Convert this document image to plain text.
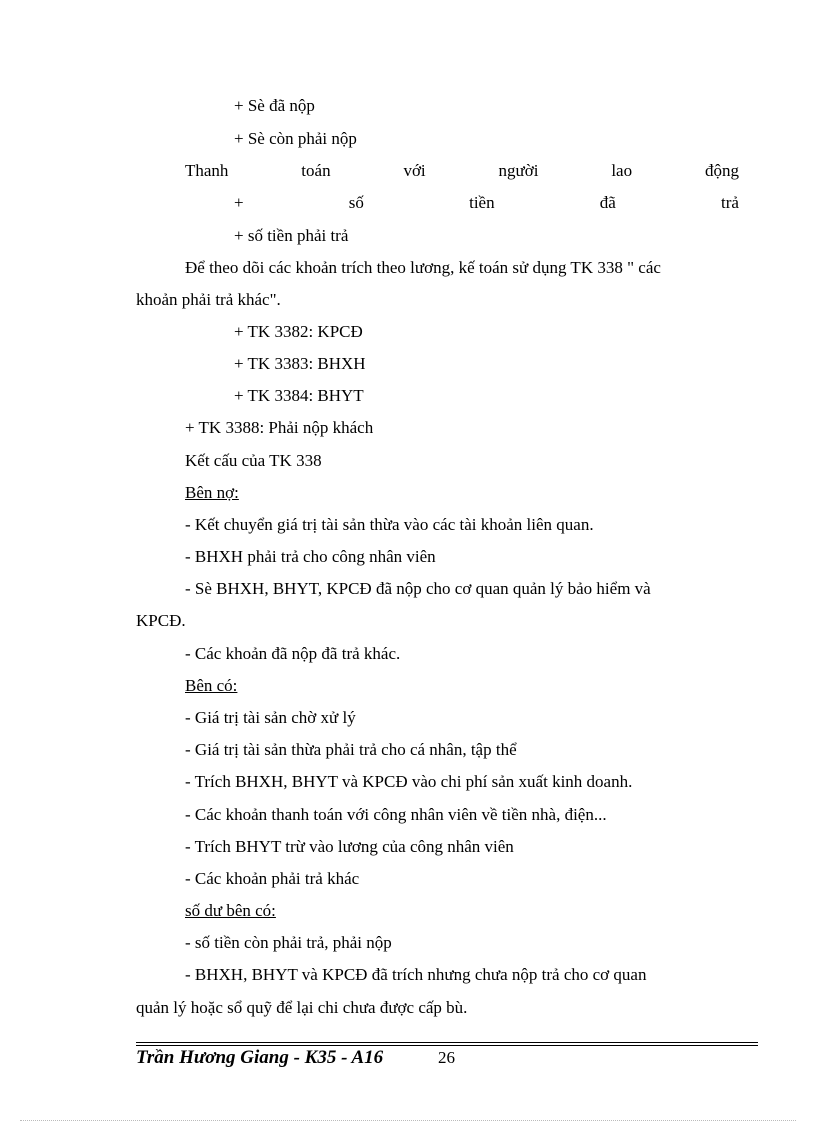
+ Sè đã nộp
+ Sè còn phải nộp
Thanh	toán	với	người	lao	động
+	số	tiền	đã	trả
+ số tiền phải trả
Để theo dõi các khoản trích theo lương, kế toán sử dụng TK 338 " các
khoản phải trả khác".
+ TK 3382: KPCĐ
+ TK 3383: BHXH
+ TK 3384: BHYT
+ TK 3388: Phải nộp khách
Kết cấu của TK 338
Bên nợ:
- Kết chuyển giá trị tài sản thừa vào các tài khoản liên quan.
- BHXH phải trả cho công nhân viên
- Sè BHXH, BHYT, KPCĐ đã nộp cho cơ quan quản lý bảo hiểm và
KPCĐ.
- Các khoản đã nộp đã trả khác.
Bên có:
- Giá trị tài sản chờ xử lý
- Giá trị tài sản thừa phải trả cho cá nhân, tập thể
- Trích BHXH, BHYT và KPCĐ vào chi phí sản xuất kinh doanh.
- Các khoản thanh toán với công nhân viên về tiền nhà, điện...
- Trích BHYT trừ vào lương của công nhân viên
- Các khoản phải trả khác
số dư bên có:
- số tiền còn phải trả, phải nộp
- BHXH, BHYT và KPCĐ đã trích nhưng chưa nộp trả cho cơ quan
quản lý hoặc sổ quỹ để lại chi chưa được cấp bù.
Trần Hương Giang - K35 - A16	26
